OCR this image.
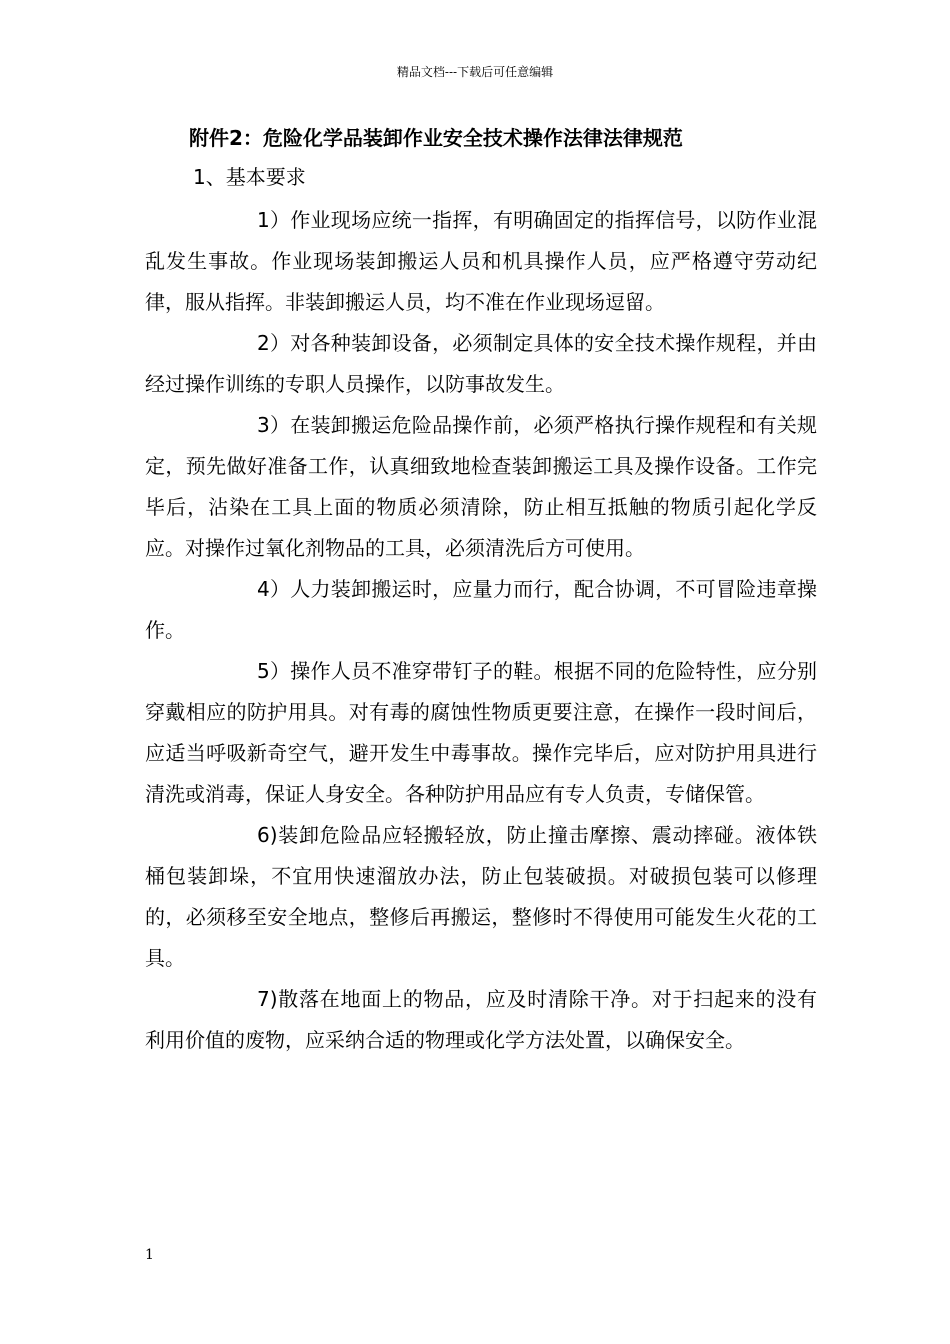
精品文档---下载后可任意编辑
附件2：危险化学品装卸作业安全技术操作法律法律规范
1、基本要求

1）作业现场应统一指挥，有明确固定的指挥信号，以防作业混乱发生事故。作业现场装卸搬运人员和机具操作人员，应严格遵守劳动纪律，服从指挥。非装卸搬运人员，均不准在作业现场逗留。

2）对各种装卸设备，必须制定具体的安全技术操作规程，并由经过操作训练的专职人员操作，以防事故发生。

3）在装卸搬运危险品操作前，必须严格执行操作规程和有关规定，预先做好准备工作，认真细致地检查装卸搬运工具及操作设备。工作完毕后，沾染在工具上面的物质必须清除，防止相互抵触的物质引起化学反应。对操作过氧化剂物品的工具，必须清洗后方可使用。

4）人力装卸搬运时，应量力而行，配合协调，不可冒险违章操作。

5）操作人员不准穿带钉子的鞋。根据不同的危险特性，应分别穿戴相应的防护用具。对有毒的腐蚀性物质更要注意，在操作一段时间后，应适当呼吸新奇空气，避开发生中毒事故。操作完毕后，应对防护用具进行清洗或消毒，保证人身安全。各种防护用品应有专人负责，专储保管。

6)装卸危险品应轻搬轻放，防止撞击摩擦、震动摔碰。液体铁桶包装卸垛，不宜用快速溜放办法，防止包装破损。对破损包装可以修理的，必须移至安全地点，整修后再搬运，整修时不得使用可能发生火花的工具。

7)散落在地面上的物品，应及时清除干净。对于扫起来的没有利用价值的废物，应采纳合适的物理或化学方法处置，以确保安全。

1
